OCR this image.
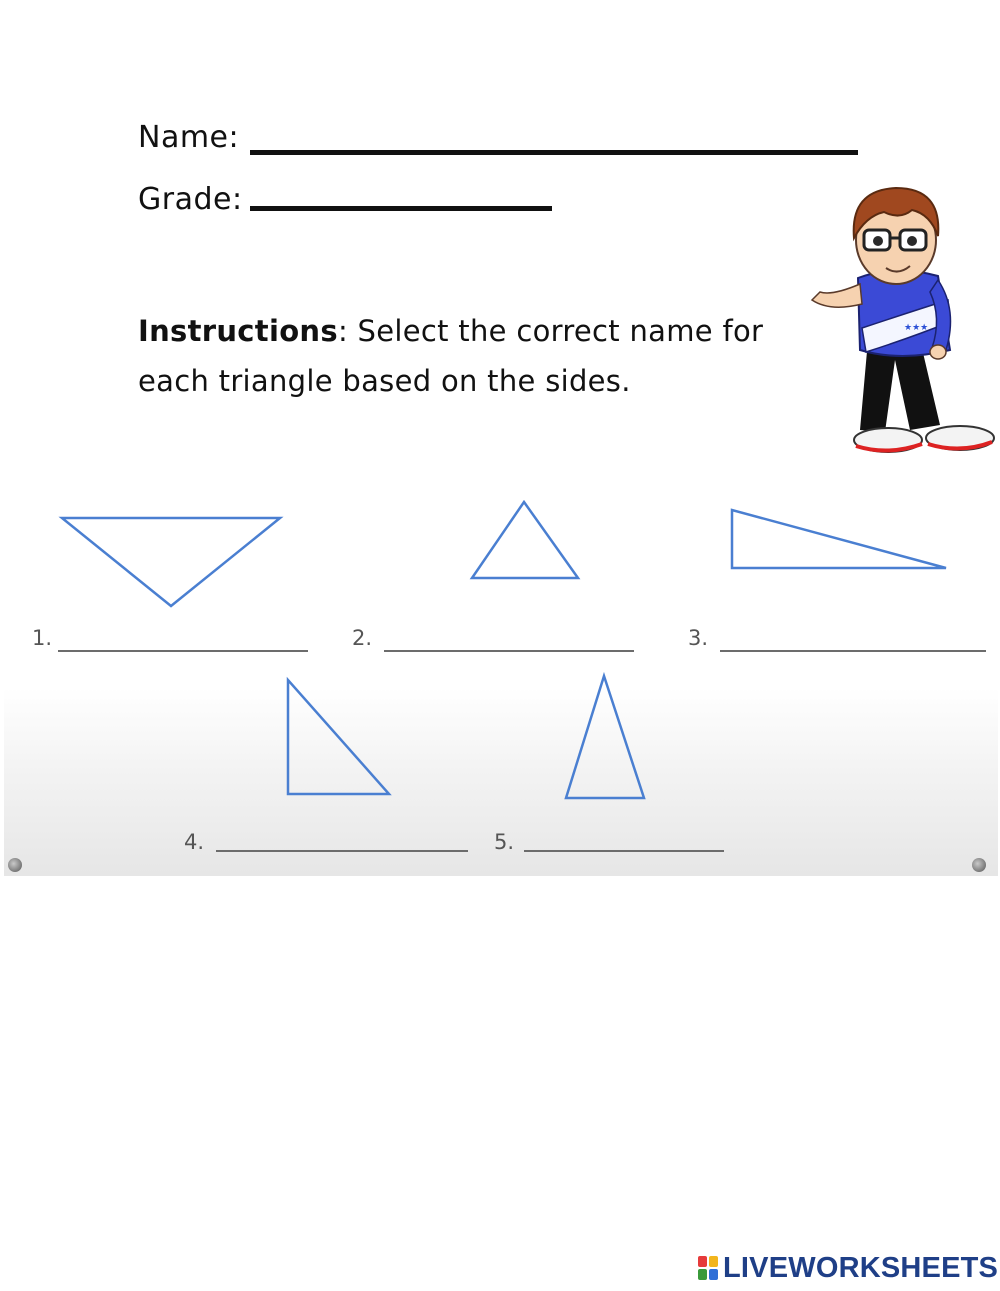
Name:
Grade:
Instructions: Select the correct name for each triangle based on the sides.
★★★
1.	2.	3.
4.	5.
LIVEWORKSHEETS
